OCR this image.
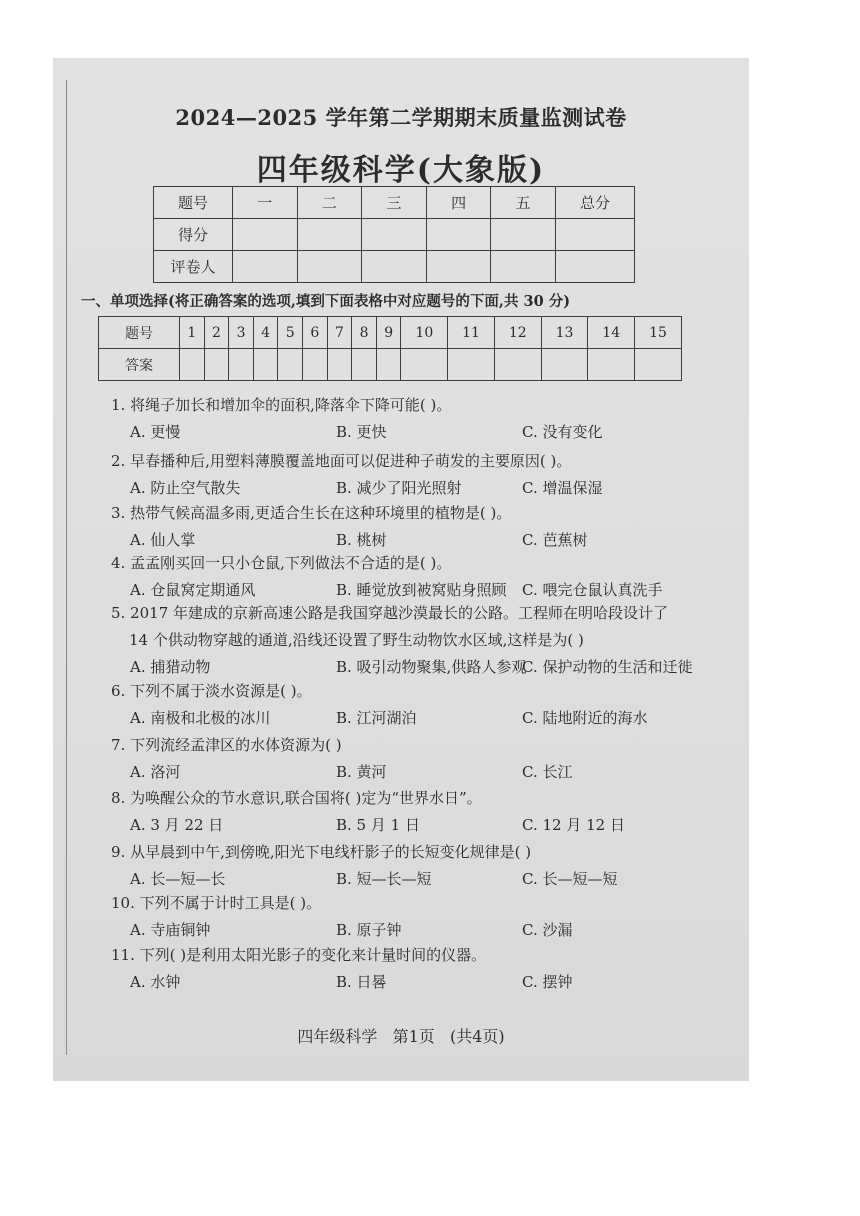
2024—2025 学年第二学期期末质量监测试卷
四年级科学(大象版)
题号	一	二	三	四	五	总分
得分						
评卷人						
一、单项选择(将正确答案的选项,填到下面表格中对应题号的下面,共 30 分)
题号	1	2	3	4	5	6	7	8	9	10	11	12	13	14	15
答案															
1. 将绳子加长和增加伞的面积,降落伞下降可能( )。
A. 更慢	B. 更快	C. 没有变化
2. 早春播种后,用塑料薄膜覆盖地面可以促进种子萌发的主要原因( )。
A. 防止空气散失	B. 减少了阳光照射	C. 增温保湿
3. 热带气候高温多雨,更适合生长在这种环境里的植物是( )。
A. 仙人掌	B. 桃树	C. 芭蕉树
4. 孟孟刚买回一只小仓鼠,下列做法不合适的是( )。
A. 仓鼠窝定期通风	B. 睡觉放到被窝贴身照顾 C. 喂完仓鼠认真洗手
5. 2017 年建成的京新高速公路是我国穿越沙漠最长的公路。工程师在明哈段设计了
14 个供动物穿越的通道,沿线还设置了野生动物饮水区域,这样是为( )
A. 捕猎动物	B. 吸引动物聚集,供路人参观
C. 保护动物的生活和迁徙
6. 下列不属于淡水资源是( )。
A. 南极和北极的冰川	B. 江河湖泊	C. 陆地附近的海水
7. 下列流经孟津区的水体资源为( )
A. 洛河	B. 黄河	C. 长江
8. 为唤醒公众的节水意识,联合国将( )定为“世界水日”。
A. 3 月 22 日	B. 5 月 1 日	C. 12 月 12 日
9. 从早晨到中午,到傍晚,阳光下电线杆影子的长短变化规律是( )
A. 长—短—长	B. 短—长—短	C. 长—短—短
10. 下列不属于计时工具是( )。
A. 寺庙铜钟	B. 原子钟	C. 沙漏
11. 下列( )是利用太阳光影子的变化来计量时间的仪器。
A. 水钟	B. 日晷	C. 摆钟
四年级科学   第1页   (共4页)
